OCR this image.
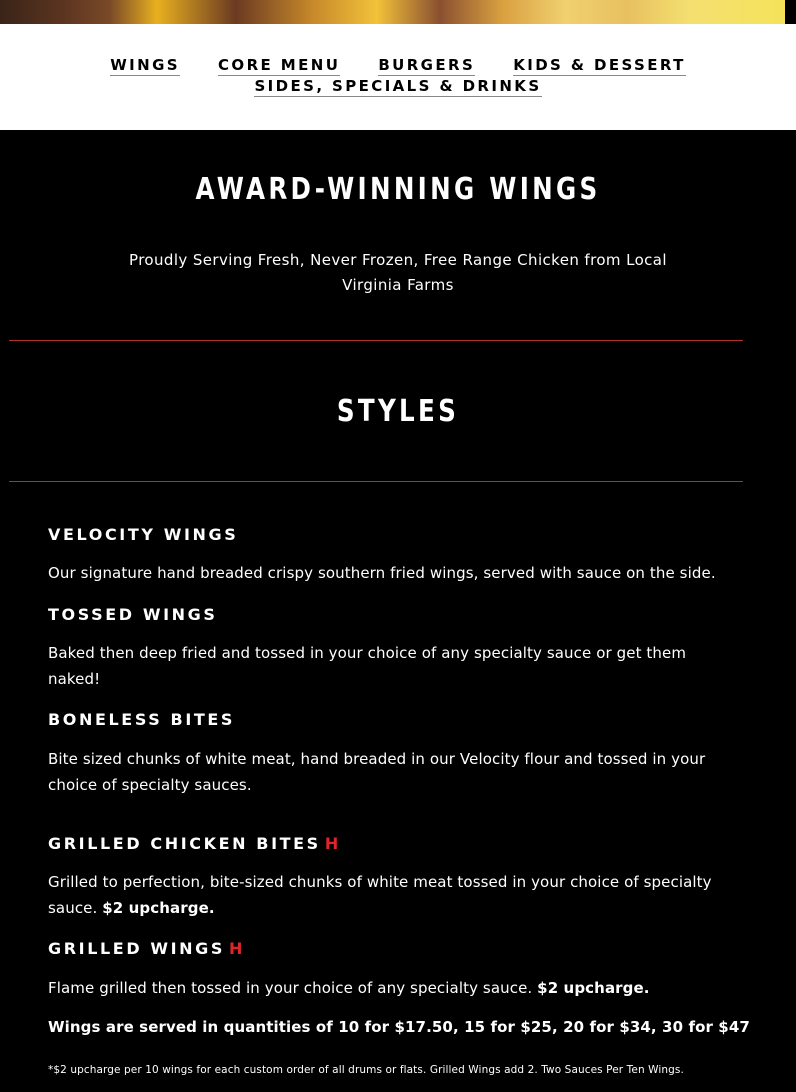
WINGS	CORE MENU	BURGERS	KIDS & DESSERT
SIDES, SPECIALS & DRINKS
AWARD-WINNING WINGS

Proudly Serving Fresh, Never Frozen, Free Range Chicken from Local Virginia Farms

STYLES
VELOCITY WINGS
Our signature hand breaded crispy southern fried wings, served with sauce on the side.
TOSSED WINGS
Baked then deep fried and tossed in your choice of any specialty sauce or get them naked!
BONELESS BITES
Bite sized chunks of white meat, hand breaded in our Velocity flour and tossed in your choice of specialty sauces.
GRILLED CHICKEN BITES H
Grilled to perfection, bite-sized chunks of white meat tossed in your choice of specialty sauce. $2 upcharge.
GRILLED WINGS H
Flame grilled then tossed in your choice of any specialty sauce. $2 upcharge.
Wings are served in quantities of 10 for $17.50, 15 for $25, 20 for $34, 30 for $47
*$2 upcharge per 10 wings for each custom order of all drums or flats. Grilled Wings add 2. Two Sauces Per Ten Wings.
